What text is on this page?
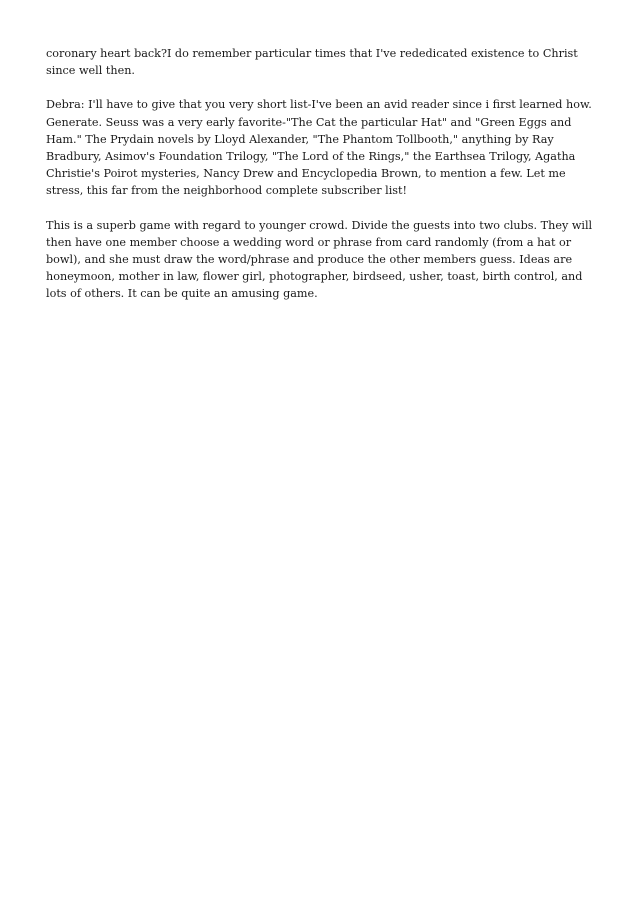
coronary heart back?I do remember particular times that I've rededicated existence to Christ since well then.

Debra: I'll have to give that you very short list-I've been an avid reader since i first learned how. Generate. Seuss was a very early favorite-"The Cat the particular Hat" and "Green Eggs and Ham." The Prydain novels by Lloyd Alexander, "The Phantom Tollbooth," anything by Ray Bradbury, Asimov's Foundation Trilogy, "The Lord of the Rings," the Earthsea Trilogy, Agatha Christie's Poirot mysteries, Nancy Drew and Encyclopedia Brown, to mention a few. Let me stress, this far from the neighborhood complete subscriber list!

This is a superb game with regard to younger crowd. Divide the guests into two clubs. They will then have one member choose a wedding word or phrase from card randomly (from a hat or bowl), and she must draw the word/phrase and produce the other members guess. Ideas are honeymoon, mother in law, flower girl, photographer, birdseed, usher, toast, birth control, and lots of others. It can be quite an amusing game.
